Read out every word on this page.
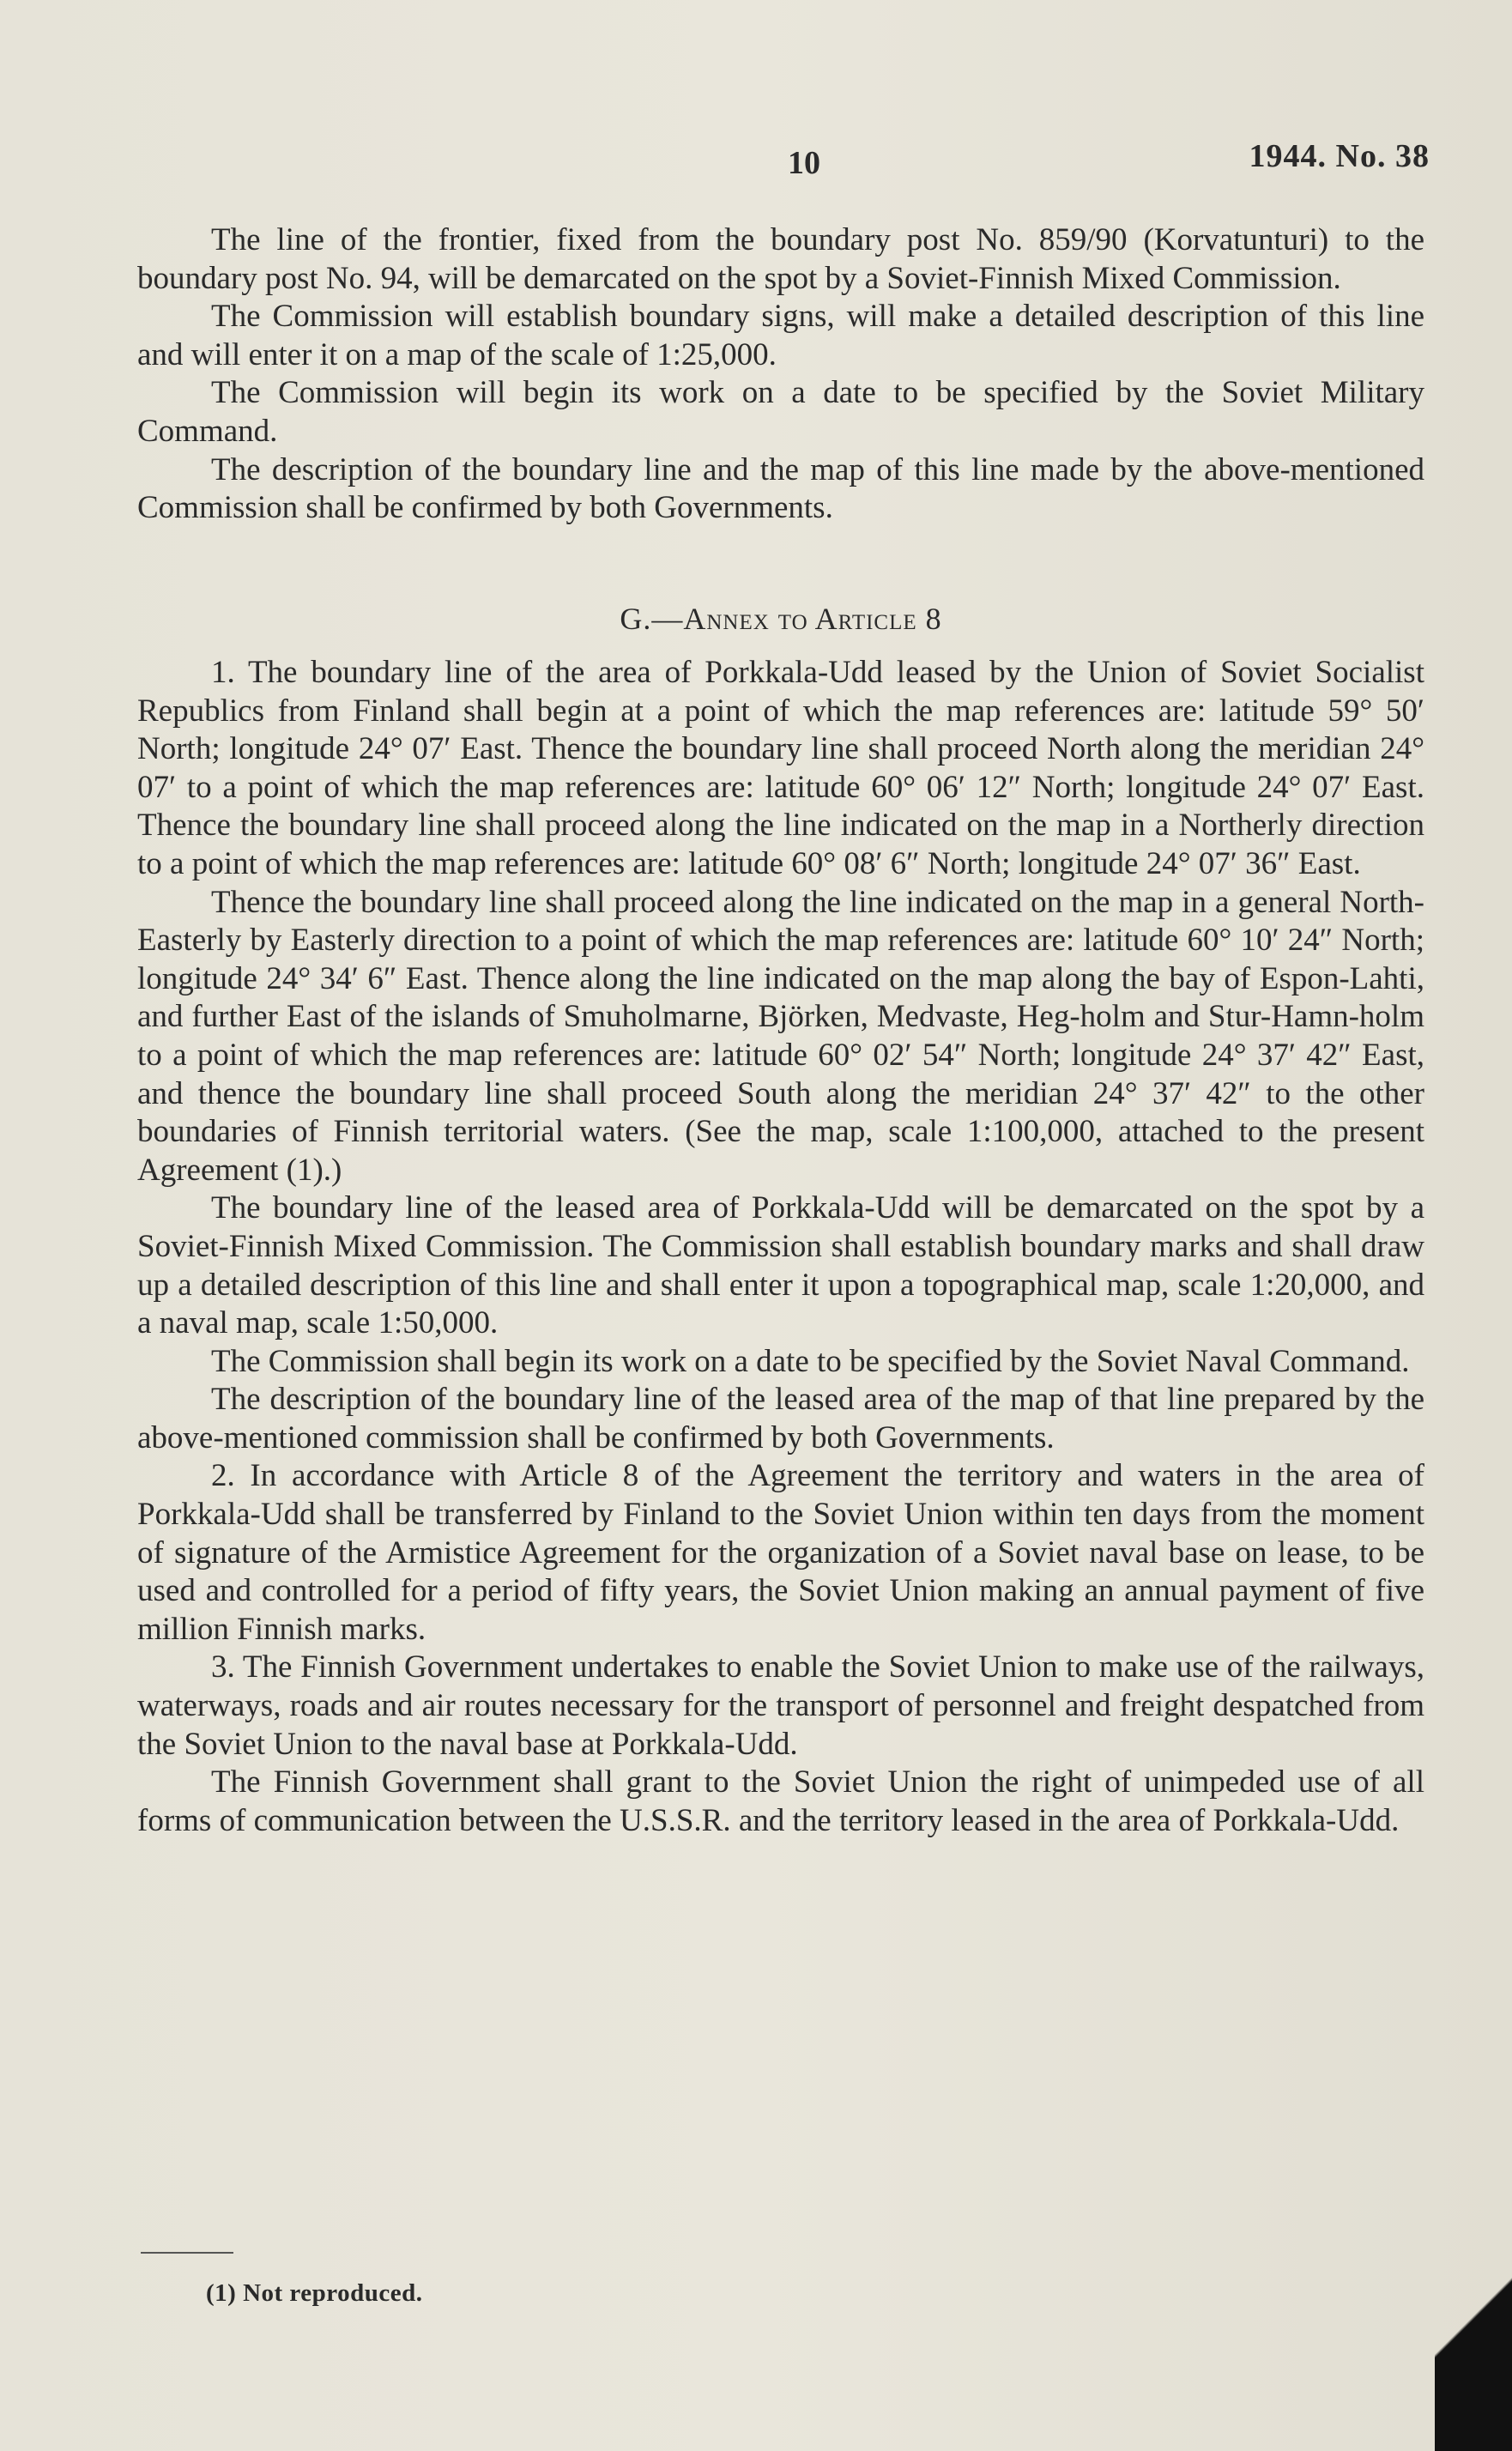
10	1944. No. 38

The line of the frontier, fixed from the boundary post No. 859/90 (Korvatunturi) to the boundary post No. 94, will be demarcated on the spot by a Soviet-Finnish Mixed Commission.

The Commission will establish boundary signs, will make a detailed description of this line and will enter it on a map of the scale of 1:25,000.

The Commission will begin its work on a date to be specified by the Soviet Military Command.

The description of the boundary line and the map of this line made by the above-mentioned Commission shall be confirmed by both Governments.

G.—Annex to Article 8

1. The boundary line of the area of Porkkala-Udd leased by the Union of Soviet Socialist Republics from Finland shall begin at a point of which the map references are: latitude 59° 50′ North; longitude 24° 07′ East. Thence the boundary line shall proceed North along the meridian 24° 07′ to a point of which the map references are: latitude 60° 06′ 12″ North; longitude 24° 07′ East. Thence the boundary line shall proceed along the line indicated on the map in a Northerly direction to a point of which the map references are: latitude 60° 08′ 6″ North; longitude 24° 07′ 36″ East.

Thence the boundary line shall proceed along the line indicated on the map in a general North-Easterly by Easterly direction to a point of which the map references are: latitude 60° 10′ 24″ North; longitude 24° 34′ 6″ East. Thence along the line indicated on the map along the bay of Espon-Lahti, and further East of the islands of Smuholmarne, Björken, Medvaste, Heg-holm and Stur-Hamn-holm to a point of which the map references are: latitude 60° 02′ 54″ North; longitude 24° 37′ 42″ East, and thence the boundary line shall proceed South along the meridian 24° 37′ 42″ to the other boundaries of Finnish territorial waters. (See the map, scale 1:100,000, attached to the present Agreement (1).)

The boundary line of the leased area of Porkkala-Udd will be demarcated on the spot by a Soviet-Finnish Mixed Commission. The Commission shall establish boundary marks and shall draw up a detailed description of this line and shall enter it upon a topographical map, scale 1:20,000, and a naval map, scale 1:50,000.

The Commission shall begin its work on a date to be specified by the Soviet Naval Command.

The description of the boundary line of the leased area of the map of that line prepared by the above-mentioned commission shall be confirmed by both Governments.

2. In accordance with Article 8 of the Agreement the territory and waters in the area of Porkkala-Udd shall be transferred by Finland to the Soviet Union within ten days from the moment of signature of the Armistice Agreement for the organization of a Soviet naval base on lease, to be used and controlled for a period of fifty years, the Soviet Union making an annual payment of five million Finnish marks.

3. The Finnish Government undertakes to enable the Soviet Union to make use of the railways, waterways, roads and air routes necessary for the transport of personnel and freight despatched from the Soviet Union to the naval base at Porkkala-Udd.

The Finnish Government shall grant to the Soviet Union the right of unimpeded use of all forms of communication between the U.S.S.R. and the territory leased in the area of Porkkala-Udd.

(1) Not reproduced.
